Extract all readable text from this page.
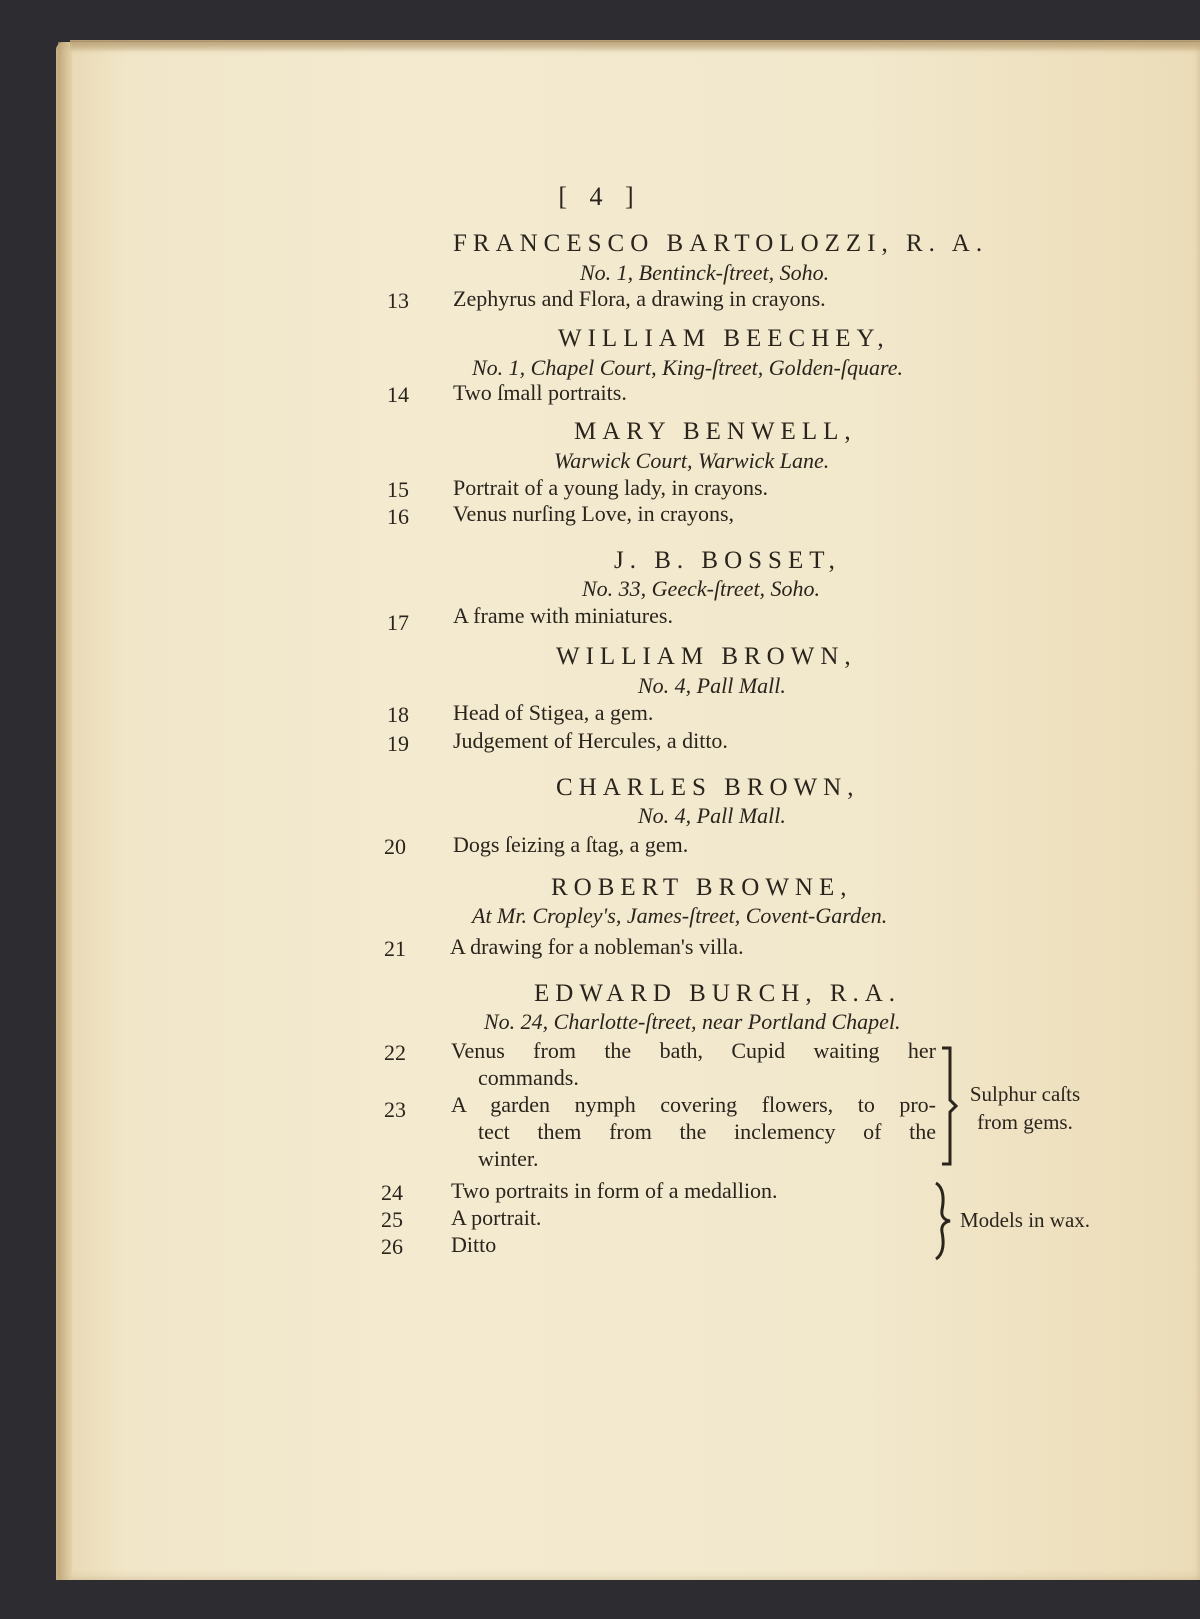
[ 4 ]
FRANCESCO BARTOLOZZI, R. A.
No. 1, Bentinck-ſtreet, Soho.
13 Zephyrus and Flora, a drawing in crayons.
WILLIAM BEECHEY,
No. 1, Chapel Court, King-ſtreet, Golden-ſquare.
14 Two ſmall portraits.
MARY BENWELL,
Warwick Court, Warwick Lane.
15 Portrait of a young lady, in crayons.
16 Venus nurſing Love, in crayons,
J. B. BOSSET,
No. 33, Geeck-ſtreet, Soho.
17 A frame with miniatures.
WILLIAM BROWN,
No. 4, Pall Mall.
18 Head of Stigea, a gem.
19 Judgement of Hercules, a ditto.
CHARLES BROWN,
No. 4, Pall Mall.
20 Dogs ſeizing a ſtag, a gem.
ROBERT BROWNE,
At Mr. Cropley's, James-ſtreet, Covent-Garden.
21 A drawing for a nobleman's villa.
EDWARD BURCH, R.A.
No. 24, Charlotte-ſtreet, near Portland Chapel.
22 Venus from the bath, Cupid waiting her
commands.
23 A garden nymph covering flowers, to pro-
tect them from the inclemency of the
winter.
24 Two portraits in form of a medallion.
25 A portrait.
26 Ditto
Sulphur caſts
from gems.
Models in wax.
